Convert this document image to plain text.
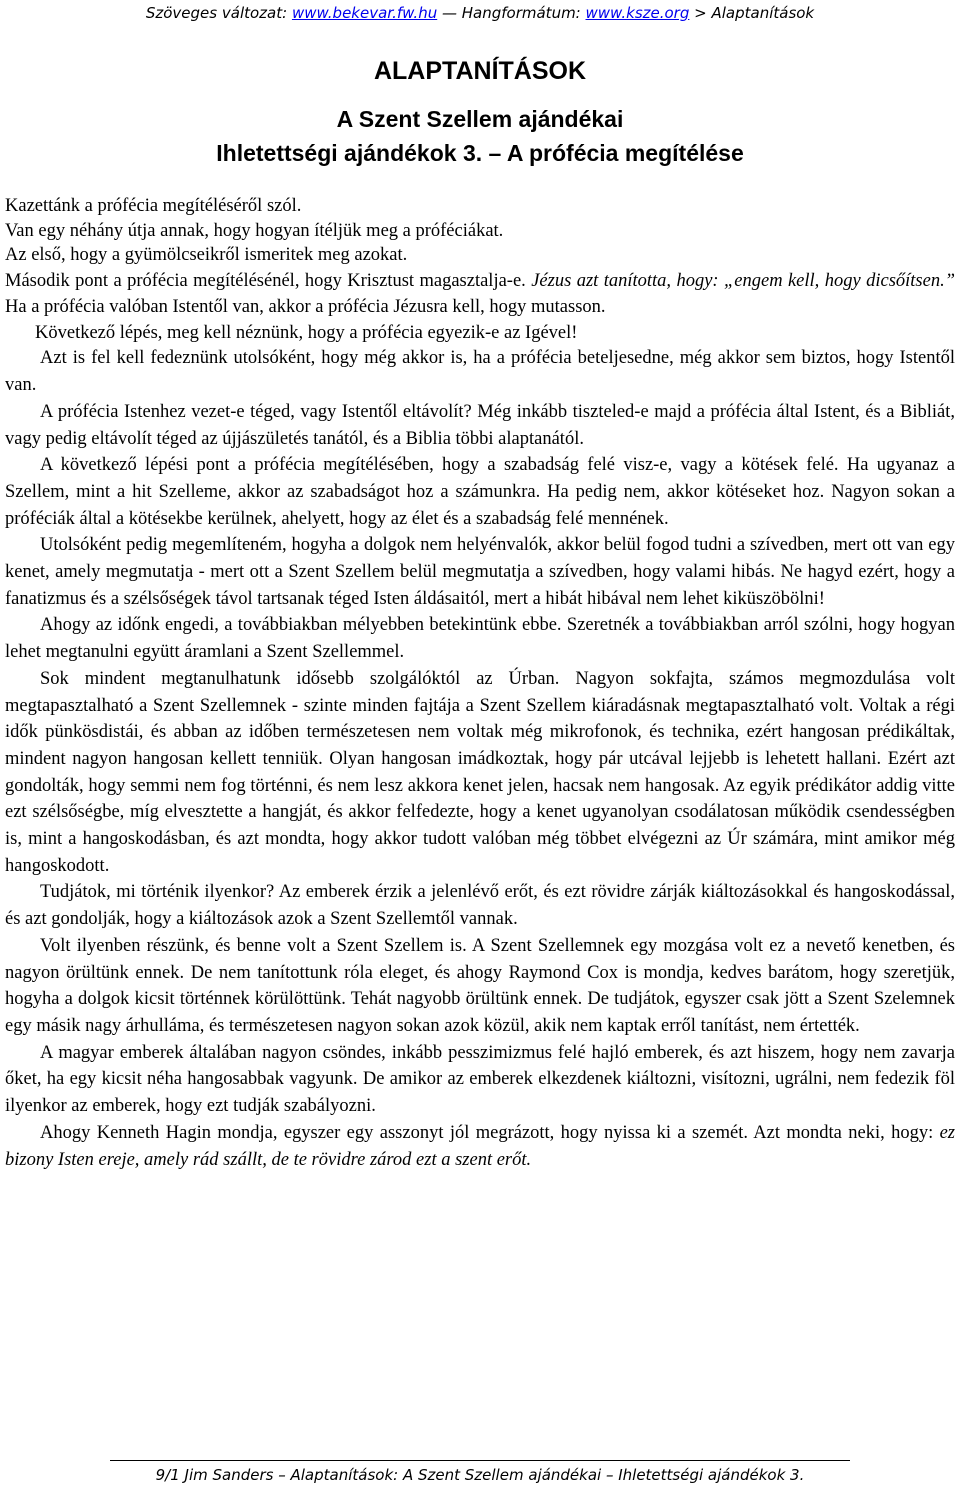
Szöveges változat: www.bekevar.fw.hu — Hangformátum: www.ksze.org > Alaptanítások
ALAPTANÍTÁSOK
A Szent Szellem ajándékai
Ihletettségi ajándékok 3. – A prófécia megítélése

Kazettánk a prófécia megítéléséről szól.

Van egy néhány útja annak, hogy hogyan ítéljük meg a próféciákat.

Az első, hogy a gyümölcseikről ismeritek meg azokat.

Második pont a prófécia megítélésénél, hogy Krisztust magasztalja-e. Jézus azt tanította, hogy: „engem kell, hogy dicsőítsen.” Ha a prófécia valóban Istentől van, akkor a prófécia Jézusra kell, hogy mutasson.

Következő lépés, meg kell néznünk, hogy a prófécia egyezik-e az Igével!

Azt is fel kell fedeznünk utolsóként, hogy még akkor is, ha a prófécia beteljesedne, még akkor sem biztos, hogy Istentől van.

A prófécia Istenhez vezet-e téged, vagy Istentől eltávolít? Még inkább tiszteled-e majd a prófécia által Istent, és a Bibliát, vagy pedig eltávolít téged az újjászületés tanától, és a Biblia többi alaptanától.

A következő lépési pont a prófécia megítélésében, hogy a szabadság felé visz-e, vagy a kötések felé. Ha ugyanaz a Szellem, mint a hit Szelleme, akkor az szabadságot hoz a számunkra. Ha pedig nem, akkor kötéseket hoz. Nagyon sokan a próféciák által a kötésekbe kerülnek, ahelyett, hogy az élet és a szabadság felé mennének.

Utolsóként pedig megemlíteném, hogyha a dolgok nem helyénvalók, akkor belül fogod tudni a szívedben, mert ott van egy kenet, amely megmutatja - mert ott a Szent Szellem belül megmutatja a szívedben, hogy valami hibás. Ne hagyd ezért, hogy a fanatizmus és a szélsőségek távol tartsanak téged Isten áldásaitól, mert a hibát hibával nem lehet kiküszöbölni!

Ahogy az időnk engedi, a továbbiakban mélyebben betekintünk ebbe. Szeretnék a továbbiakban arról szólni, hogy hogyan lehet megtanulni együtt áramlani a Szent Szellemmel.

Sok mindent megtanulhatunk idősebb szolgálóktól az Úrban. Nagyon sokfajta, számos megmozdulása volt megtapasztalható a Szent Szellemnek - szinte minden fajtája a Szent Szellem kiáradásnak megtapasztalható volt. Voltak a régi idők pünkösdistái, és abban az időben természetesen nem voltak még mikrofonok, és technika, ezért hangosan prédikáltak, mindent nagyon hangosan kellett tenniük. Olyan hangosan imádkoztak, hogy pár utcával lejjebb is lehetett hallani. Ezért azt gondolták, hogy semmi nem fog történni, és nem lesz akkora kenet jelen, hacsak nem hangosak. Az egyik prédikátor addig vitte ezt szélsőségbe, míg elvesztette a hangját, és akkor felfedezte, hogy a kenet ugyanolyan csodálatosan működik csendességben is, mint a hangoskodásban, és azt mondta, hogy akkor tudott valóban még többet elvégezni az Úr számára, mint amikor még hangoskodott.

Tudjátok, mi történik ilyenkor? Az emberek érzik a jelenlévő erőt, és ezt rövidre zárják kiáltozásokkal és hangoskodással, és azt gondolják, hogy a kiáltozások azok a Szent Szellemtől vannak.

Volt ilyenben részünk, és benne volt a Szent Szellem is. A Szent Szellemnek egy mozgása volt ez a nevető kenetben, és nagyon örültünk ennek. De nem tanítottunk róla eleget, és ahogy Raymond Cox is mondja, kedves barátom, hogy szeretjük, hogyha a dolgok kicsit történnek körülöttünk. Tehát nagyobb örültünk ennek. De tudjátok, egyszer csak jött a Szent Szelemnek egy másik nagy árhulláma, és természetesen nagyon sokan azok közül, akik nem kaptak erről tanítást, nem értették.

A magyar emberek általában nagyon csöndes, inkább pesszimizmus felé hajló emberek, és azt hiszem, hogy nem zavarja őket, ha egy kicsit néha hangosabbak vagyunk. De amikor az emberek elkezdenek kiáltozni, visítozni, ugrálni, nem fedezik föl ilyenkor az emberek, hogy ezt tudják szabályozni.

Ahogy Kenneth Hagin mondja, egyszer egy asszonyt jól megrázott, hogy nyissa ki a szemét. Azt mondta neki, hogy: ez bizony Isten ereje, amely rád szállt, de te rövidre zárod ezt a szent erőt.

9/1 Jim Sanders – Alaptanítások: A Szent Szellem ajándékai – Ihletettségi ajándékok 3.
